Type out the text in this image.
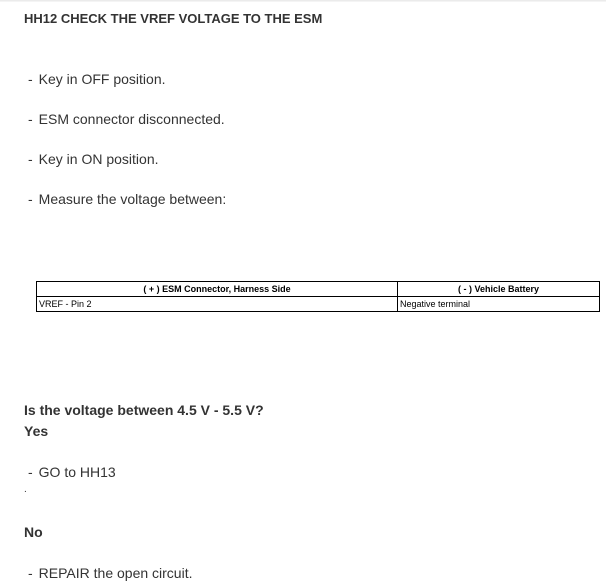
HH12 CHECK THE VREF VOLTAGE TO THE ESM
- Key in OFF position.
- ESM connector disconnected.
- Key in ON position.
- Measure the voltage between:
( + ) ESM Connector, Harness Side	( - ) Vehicle Battery
VREF - Pin 2	Negative terminal
Is the voltage between 4.5 V - 5.5 V?
Yes
- GO to HH13
.
No
- REPAIR the open circuit.
